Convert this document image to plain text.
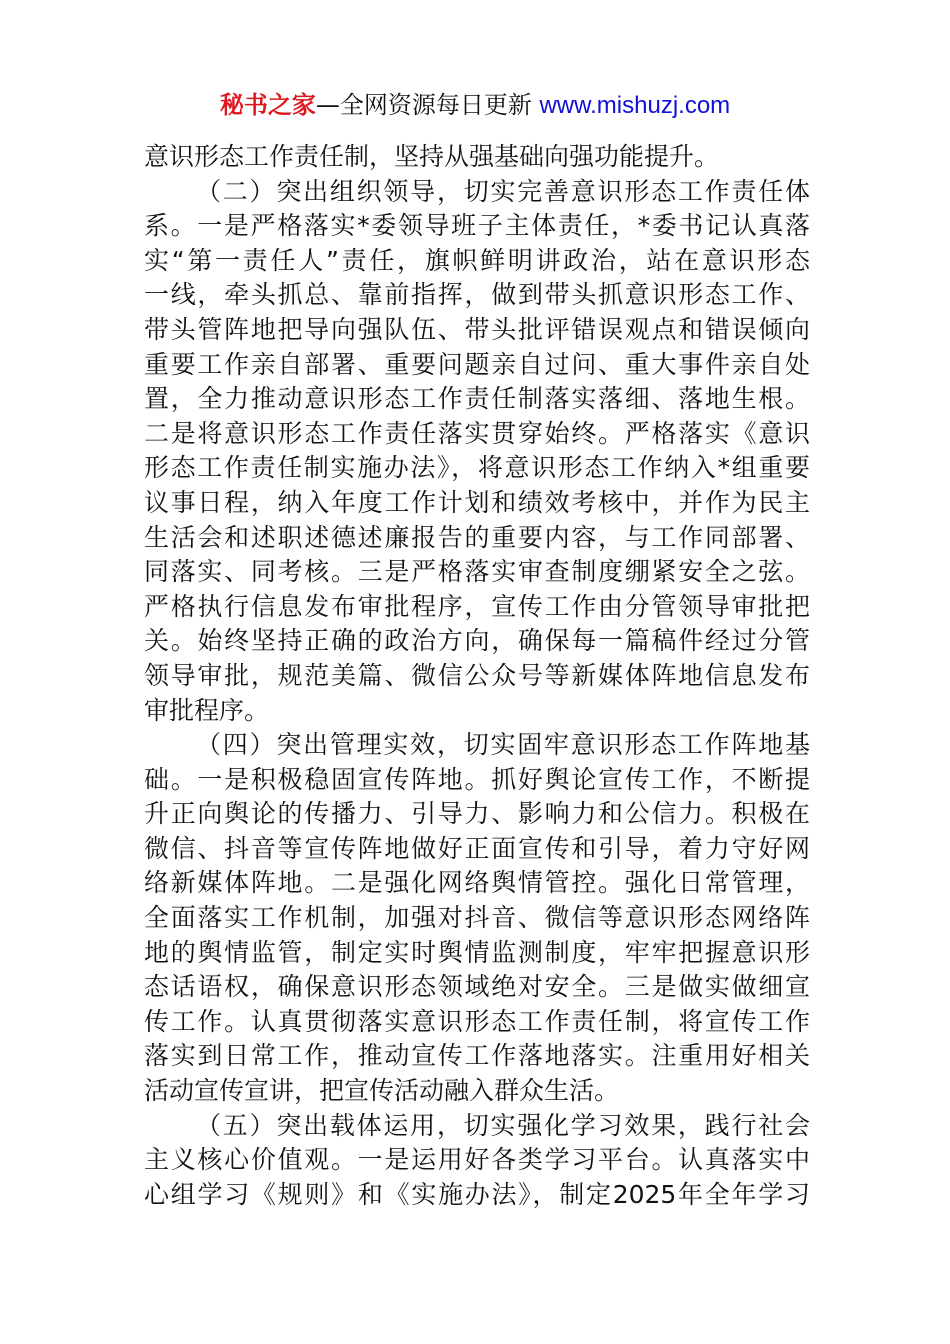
秘书之家—全网资源每日更新 www.mishuzj.com
意识形态工作责任制，坚持从强基础向强功能提升。
（二）突出组织领导，切实完善意识形态工作责任体
系。一是严格落实*委领导班子主体责任，*委书记认真落
实“第一责任人”责任，旗帜鲜明讲政治，站在意识形态
一线，牵头抓总、靠前指挥，做到带头抓意识形态工作、
带头管阵地把导向强队伍、带头批评错误观点和错误倾向
重要工作亲自部署、重要问题亲自过问、重大事件亲自处
置，全力推动意识形态工作责任制落实落细、落地生根。
二是将意识形态工作责任落实贯穿始终。严格落实《意识
形态工作责任制实施办法》，将意识形态工作纳入*组重要
议事日程，纳入年度工作计划和绩效考核中，并作为民主
生活会和述职述德述廉报告的重要内容，与工作同部署、
同落实、同考核。三是严格落实审查制度绷紧安全之弦。
严格执行信息发布审批程序，宣传工作由分管领导审批把
关。始终坚持正确的政治方向，确保每一篇稿件经过分管
领导审批，规范美篇、微信公众号等新媒体阵地信息发布
审批程序。
（四）突出管理实效，切实固牢意识形态工作阵地基
础。一是积极稳固宣传阵地。抓好舆论宣传工作，不断提
升正向舆论的传播力、引导力、影响力和公信力。积极在
微信、抖音等宣传阵地做好正面宣传和引导，着力守好网
络新媒体阵地。二是强化网络舆情管控。强化日常管理，
全面落实工作机制，加强对抖音、微信等意识形态网络阵
地的舆情监管，制定实时舆情监测制度，牢牢把握意识形
态话语权，确保意识形态领域绝对安全。三是做实做细宣
传工作。认真贯彻落实意识形态工作责任制，将宣传工作
落实到日常工作，推动宣传工作落地落实。注重用好相关
活动宣传宣讲，把宣传活动融入群众生活。
（五）突出载体运用，切实强化学习效果，践行社会
主义核心价值观。一是运用好各类学习平台。认真落实中
心组学习《规则》和《实施办法》，制定2025年全年学习
